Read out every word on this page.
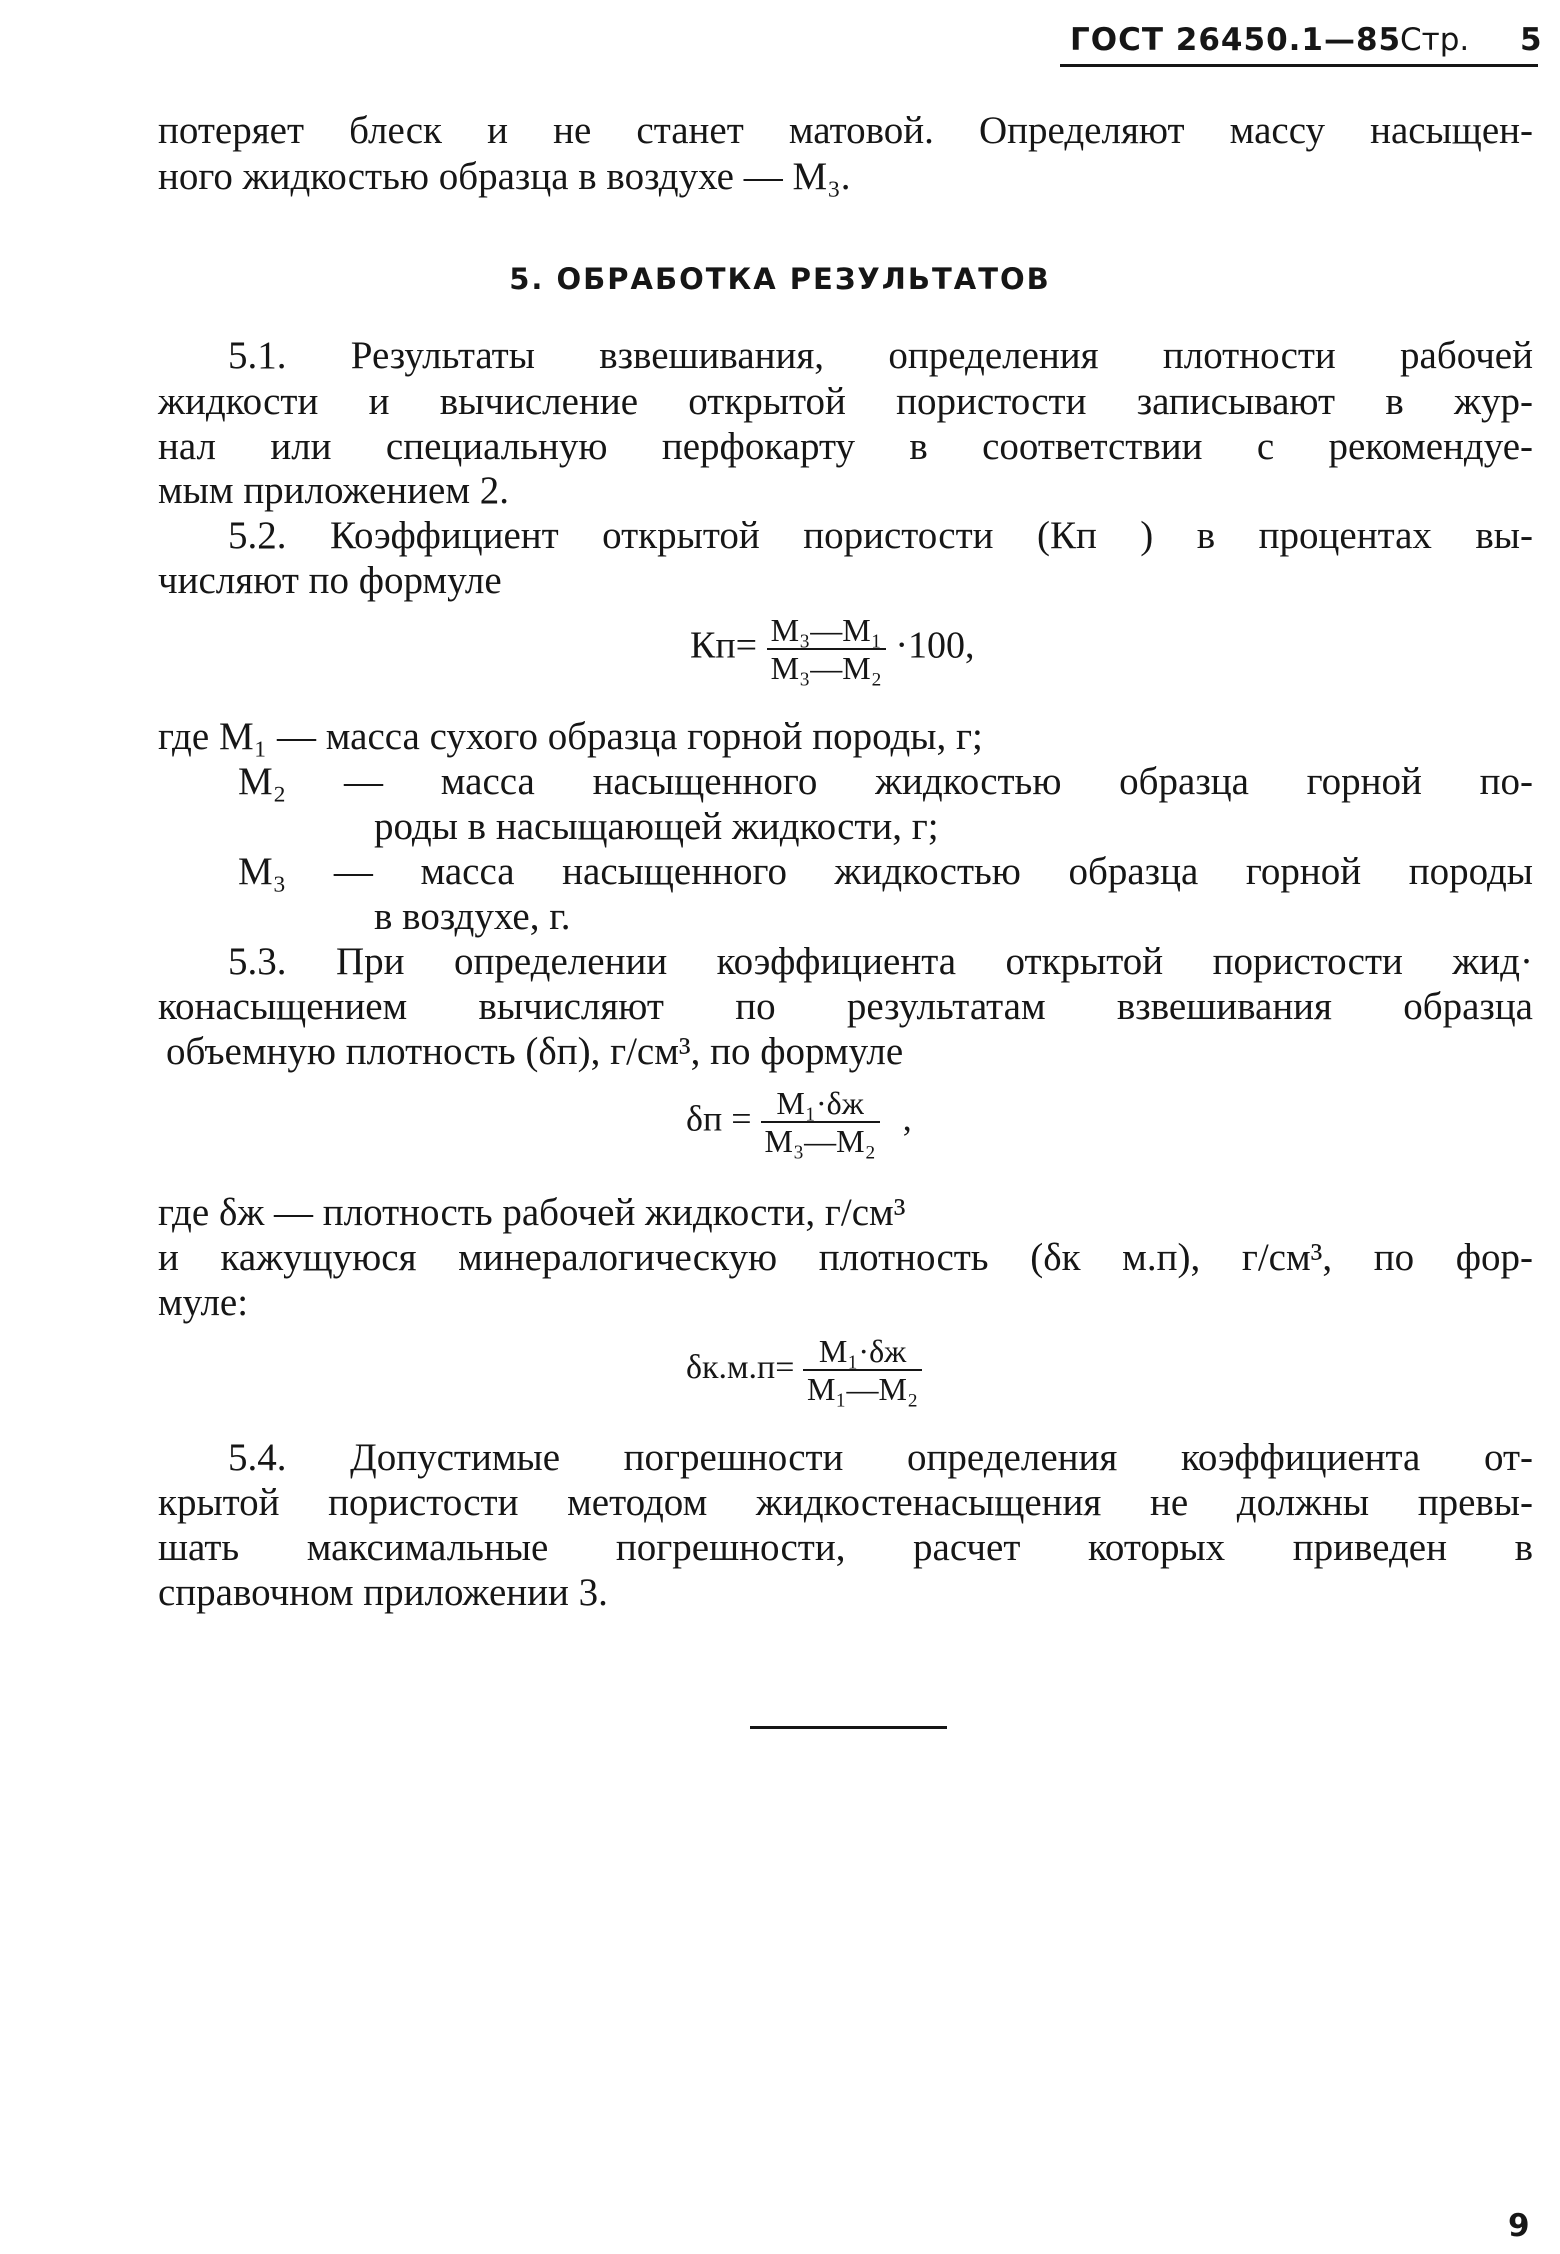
ГОСТ 26450.1—85
Стр. 5
потеряет блеск и не станет матовой. Определяют массу насыщен-
ного жидкостью образца в воздухе — М₃.
5. ОБРАБОТКА РЕЗУЛЬТАТОВ
5.1. Результаты взвешивания, определения плотности рабочей
жидкости и вычисление открытой пористости записывают в жур-
нал или специальную перфокарту в соответствии с рекомендуе-
мым приложением 2.
5.2. Коэффициент открытой пористости (Кп ) в процентах вы-
числяют по формуле
$Кп= \frac{\text{М₃—М₁}}{\text{М₃—М₂}} \cdot 100$,
где М₁ — масса сухого образца горной породы, г;
М₂ — масса насыщенного жидкостью образца горной по-
роды в насыщающей жидкости, г;
М₃ — масса насыщенного жидкостью образца горной породы
в воздухе, г.
5.3. При определении коэффициента открытой пористости жид·
конасыщением вычисляют по результатам взвешивания образца
объемную плотность (δп), г/см³, по формуле
$\delta п = \frac{\text{М₁·δж}}{\text{М₃—М₂}}$ ,
где δж — плотность рабочей жидкости, г/см³
и кажущуюся минералогическую плотность (δк м.п), г/см³, по фор-
муле:
$\delta к.м.п= \frac{\text{М₁·δж}}{\text{М₁—М₂}}$
5.4. Допустимые погрешности определения коэффициента от-
крытой пористости методом жидкостенасыщения не должны превы-
шать максимальные погрешности, расчет которых приведен в
справочном приложении 3.
9
